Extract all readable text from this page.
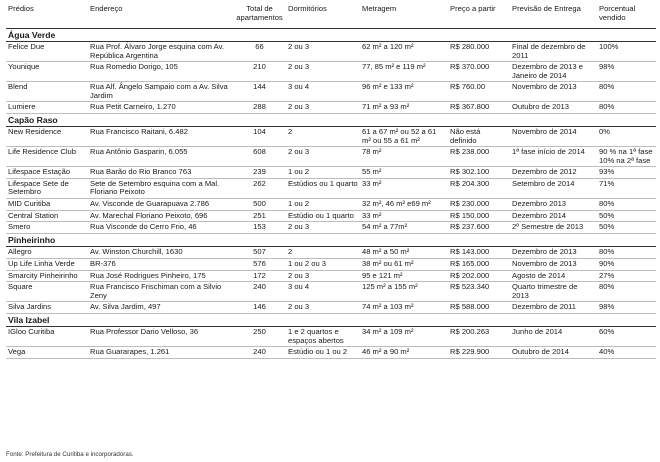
Prédios	Endereço	Total de apartamentos	Dormitórios	Metragem	Preço a partir	Previsão de Entrega	Porcentual vendido
Água Verde							
Felice Due	Rua Prof. Álvaro Jorge esquina com Av. República Argentina	66	2 ou 3	62 m² a 120 m²	R$ 280.000	Final de dezembro de 2011	100%
Younique	Rua Romedio Dorigo, 105	210	2 ou 3	77, 85 m² e 119 m²	R$ 370.000	Dezembro de 2013 e Janeiro de 2014	98%
Blend	Rua Alf. Ângelo Sampaio com a Av. Silva Jardim	144	3 ou 4	96 m² e 133 m²	R$ 760.00	Novembro de 2013	80%
Lumiere	Rua Petit Carneiro, 1.270	288	2 ou 3	71 m² a 93 m²	R$ 367.800	Outubro de 2013	80%
Capão Raso							
New Residence	Rua Francisco Raitani, 6.482	104	2	61 a 67 m² ou 52 a 61 m² ou 55 a 61 m²	Não está definido	Novembro de 2014	0%
Life Residence Club	Rua Antônio Gasparin, 6.055	608	2 ou 3	78 m²	R$ 238.000	1ª fase início de 2014	90 % na 1ª fase 10% na 2ª fase
Lifespace Estação	Rua Barão do Rio Branco 763	239	1 ou 2	55 m²	R$ 302.100	Dezembro de 2012	93%
Lifespace Sete de Setembro	Sete de Setembro esquina com a Mal. Floriano Peixoto	262	Estúdios ou 1 quarto	33 m²	R$ 204.300	Setembro de 2014	71%
MID Curitiba	Av. Visconde de Guarapuava 2.786	500	1 ou 2	32 m², 46 m² e69 m²	R$ 230.000	Dezembro 2013	80%
Central Station	Av. Marechal Floriano Peixoto, 696	251	Estúdio ou 1 quarto	33 m²	R$ 150.000	Dezembro 2014	50%
Smero	Rua Visconde do Cerro Frio, 46	153	2 ou 3	54 m² a 77m²	R$ 237.600	2º Semestre de 2013	50%
Pinheirinho							
Allegro	Av. Winston Churchill, 1630	507	2	48 m² a 50 m²	R$ 143.000	Dezembro de 2013	80%
Up Life Linha Verde	BR-376	576	1 ou 2 ou 3	38 m² ou 61 m²	R$ 165.000	Novembro de 2013	90%
Smarcity Pinheirinho	Rua José Rodrigues Pinheiro, 175	172	2 ou 3	95 e 121 m²	R$ 202.000	Agosto de 2014	27%
Square	Rua Francisco Frischiman com a Silvio Zeny	240	3 ou 4	125 m² a 155 m²	R$ 523.340	Quarto trimestre de 2013	80%
Silva Jardins	Av. Silva Jardim, 497	146	2 ou 3	74 m² a 103 m²	R$ 588.000	Dezembro de 2011	98%
Vila Izabel							
IGloo Curitiba	Rua Professor Dario Velloso, 36	250	1 e 2 quartos e espaços abertos	34 m² a 109 m²	R$ 200.263	Junho de 2014	60%
Vega	Rua Guararapes, 1.261	240	Estúdio ou 1 ou 2	46 m² a 90 m²	R$ 229.900	Outubro de 2014	40%
Fonte: Prefeitura de Curitiba e incorporadoras.
